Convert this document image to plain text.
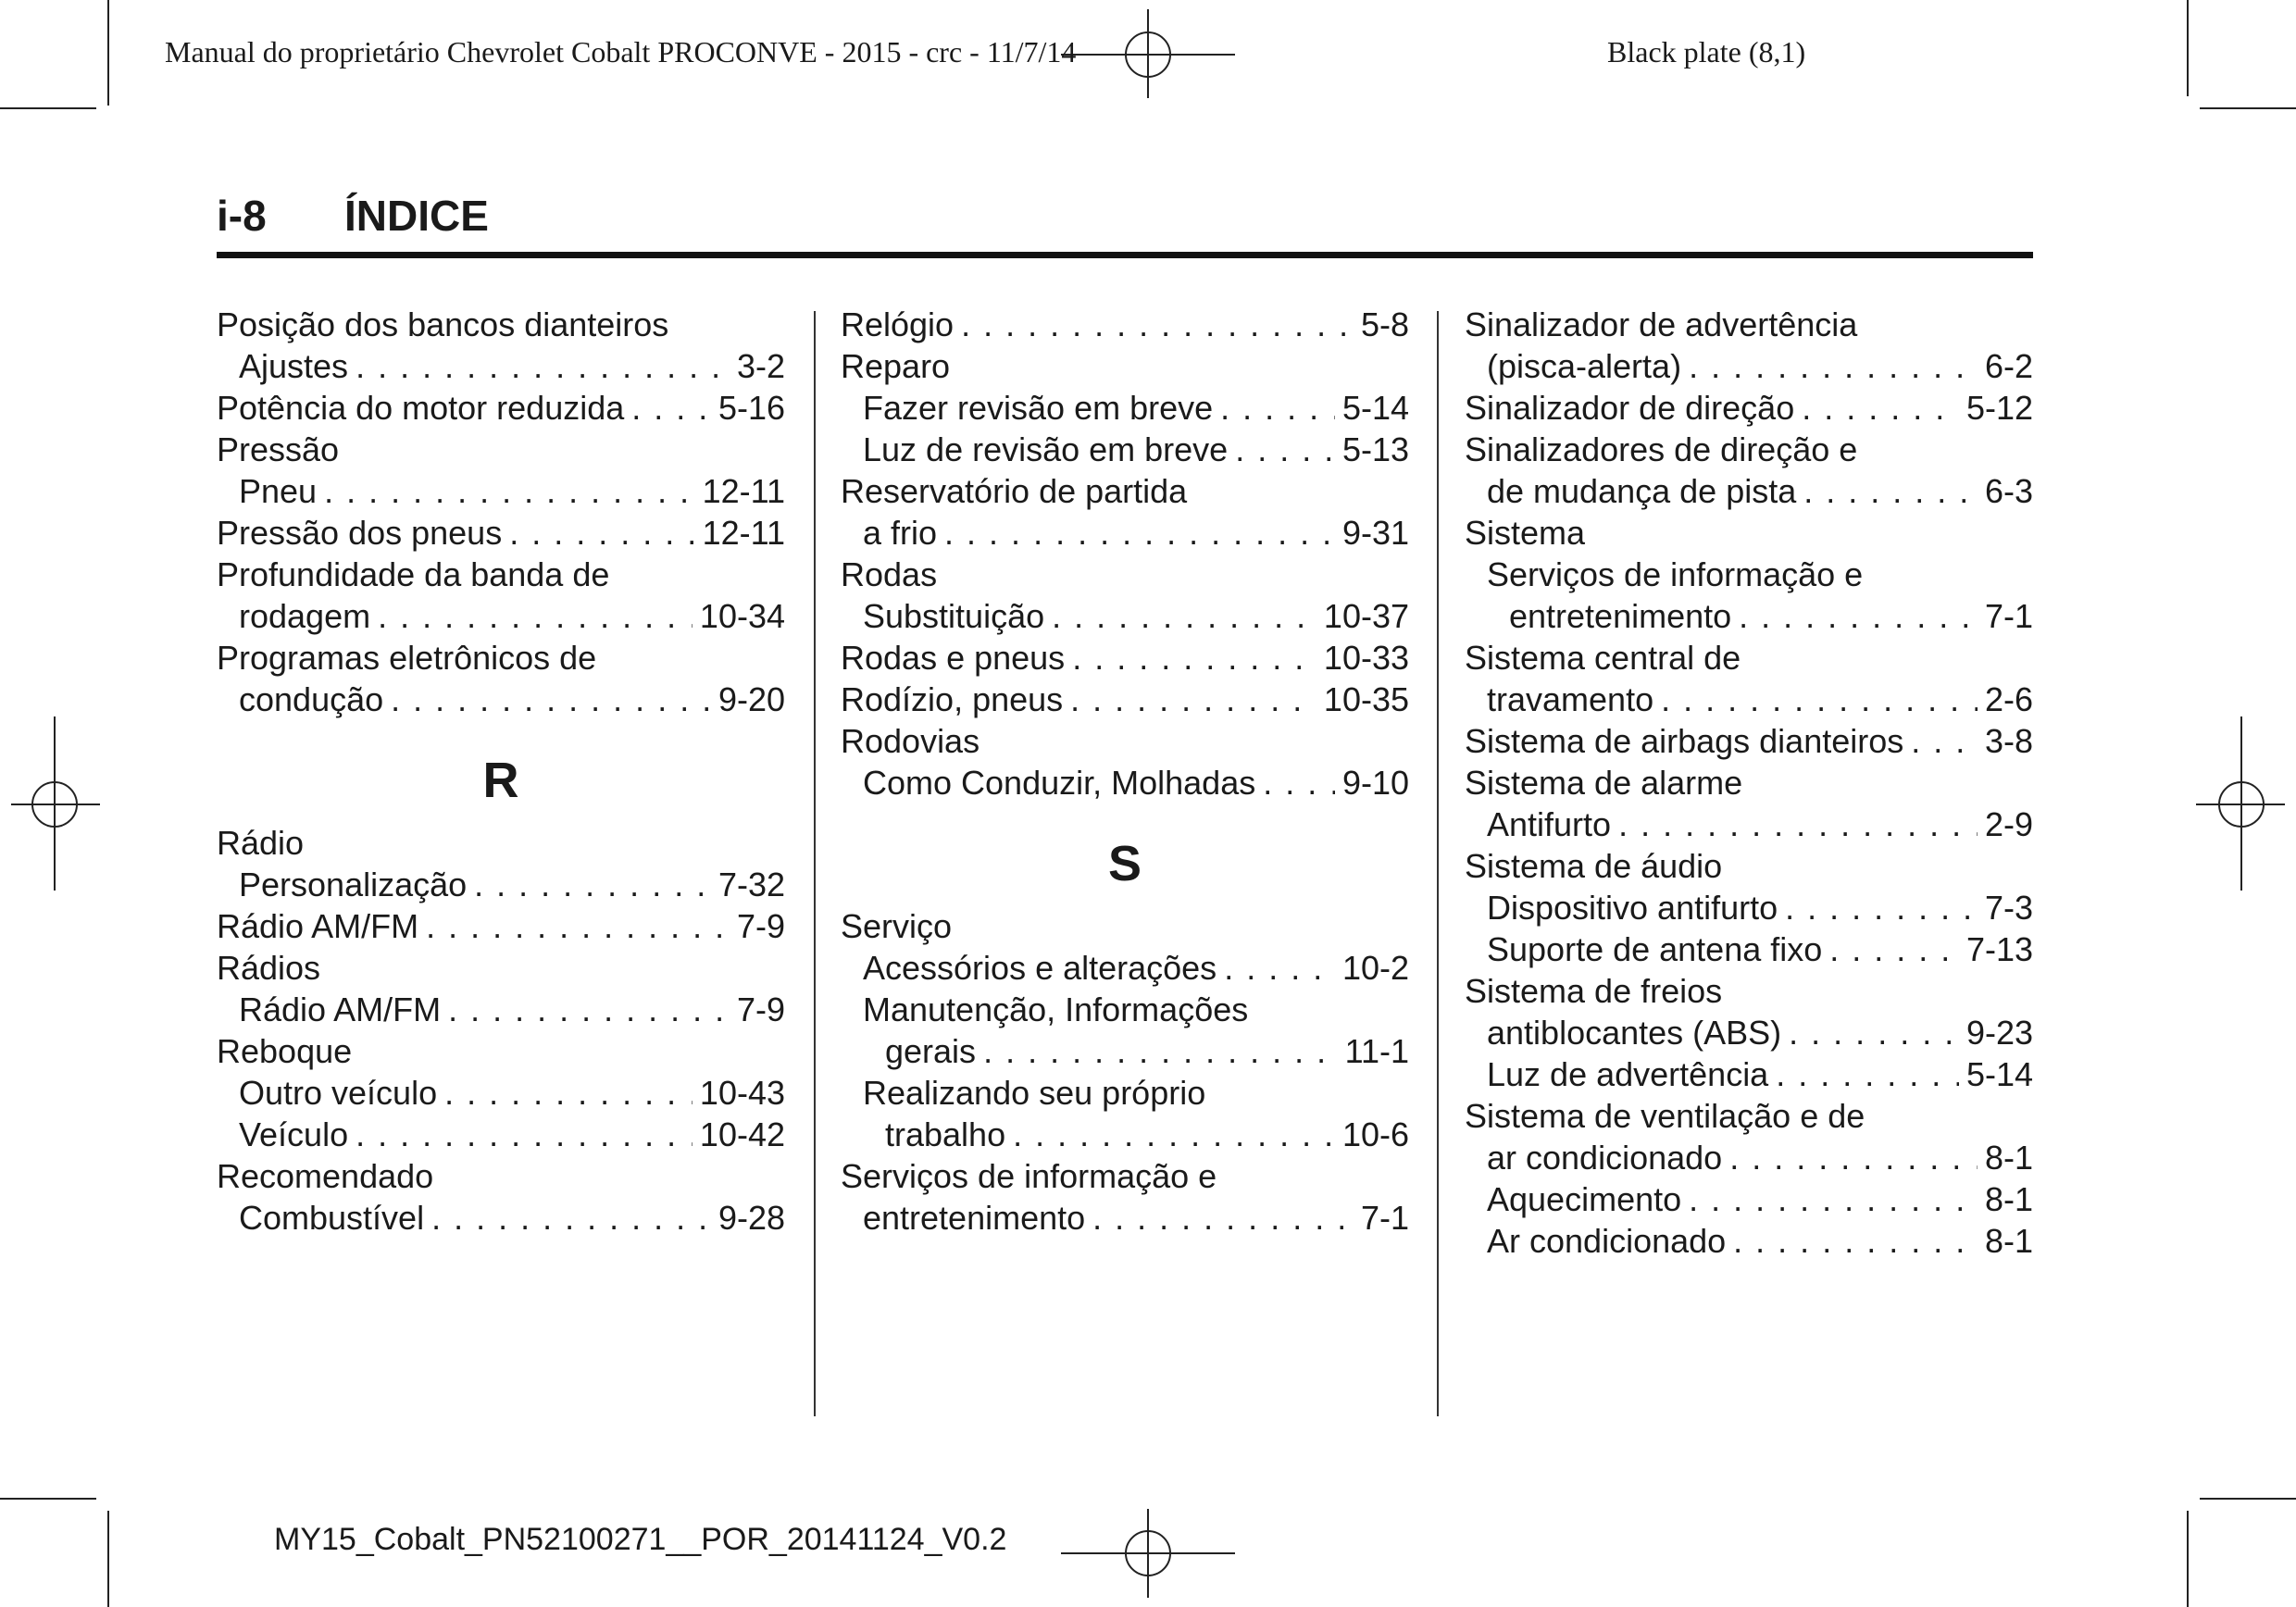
Manual do proprietário Chevrolet Cobalt PROCONVE - 2015 - crc - 11/7/14	Black plate (8,1)
i-8 ÍNDICE
Posição dos bancos dianteiros
Ajustes . . .	3-2
Potência do motor reduzida . . .	5-16
Pressão
Pneu . . .	12-11
Pressão dos pneus . . .	12-11
Profundidade da banda de
rodagem . . .	10-34
Programas eletrônicos de
condução . . .	9-20
R
Rádio
Personalização . . .	7-32
Rádio AM/FM . . .	7-9
Rádios
Rádio AM/FM . . .	7-9
Reboque
Outro veículo . . .	10-43
Veículo . . .	10-42
Recomendado
Combustível . . .	9-28
Relógio . . .	5-8
Reparo
Fazer revisão em breve . . .	5-14
Luz de revisão em breve . . .	5-13
Reservatório de partida
a frio . . .	9-31
Rodas
Substituição . . .	10-37
Rodas e pneus . . .	10-33
Rodízio, pneus . . .	10-35
Rodovias
Como Conduzir, Molhadas . . .	9-10
S
Serviço
Acessórios e alterações . . .	10-2
Manutenção, Informações
gerais . . .	11-1
Realizando seu próprio
trabalho . . .	10-6
Serviços de informação e
entretenimento . . .	7-1
Sinalizador de advertência
(pisca-alerta) . . .	6-2
Sinalizador de direção . . .	5-12
Sinalizadores de direção e
de mudança de pista . . .	6-3
Sistema
Serviços de informação e
entretenimento . . .	7-1
Sistema central de
travamento . . .	2-6
Sistema de airbags dianteiros . . . 3-8
Sistema de alarme
Antifurto . . .	2-9
Sistema de áudio
Dispositivo antifurto . . .	7-3
Suporte de antena fixo . . .	7-13
Sistema de freios
antiblocantes (ABS) . . .	9-23
Luz de advertência . . .	5-14
Sistema de ventilação e de
ar condicionado . . .	8-1
Aquecimento . . .	8-1
Ar condicionado . . .	8-1
MY15_Cobalt_PN52100271__POR_20141124_V0.2
